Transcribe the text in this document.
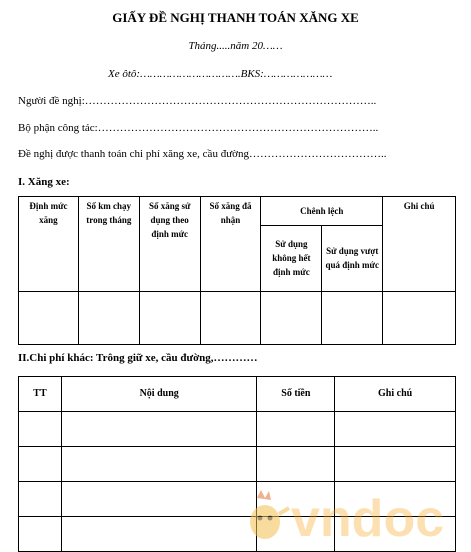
GIẤY ĐỀ NGHỊ THANH TOÁN XĂNG XE
Tháng.....năm 20……
Xe ôtô:………………………….BKS:…………………
Người đề nghị:……………………………………………………………………..
Bộ phận công tác:…………………………………………………………………..
Đề nghị được thanh toán chi phí xăng xe, cầu đường………………………………..
I. Xăng xe:
Định mức xăng	Số km chạy trong tháng	Số xăng sử dụng theo định mức	Số xăng đã nhận	Chênh lệch		Ghi chú
				Sử dụng không hết định mức	Sử dụng vượt quá định mức	

II.Chi phí khác: Trông giữ xe, cầu đường,…………
TT	Nội dung	Số tiền	Ghi chú

vndoc
